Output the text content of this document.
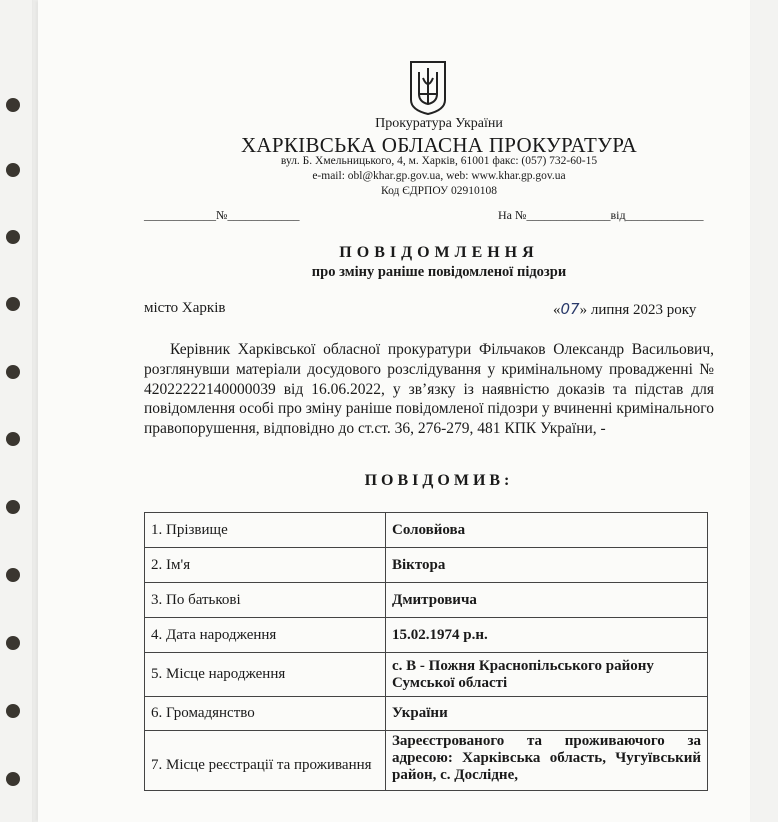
Прокуратура України
ХАРКІВСЬКА ОБЛАСНА ПРОКУРАТУРА
вул. Б. Хмельницького, 4, м. Харків, 61001 факс: (057) 732-60-15
e-mail: obl@khar.gp.gov.ua, web: www.khar.gp.gov.ua
Код ЄДРПОУ 02910108
____________№____________	На №______________від_____________
ПОВІДОМЛЕННЯ
про зміну раніше повідомленої підозри
місто Харків	«07» липня 2023 року
Керівник Харківської обласної прокуратури Фільчаков Олександр Васильович, розглянувши матеріали досудового розслідування у кримінальному провадженні № 42022222140000039 від 16.06.2022, у зв’язку із наявністю доказів та підстав для повідомлення особі про зміну раніше повідомленої підозри у вчиненні кримінального правопорушення, відповідно до ст.ст. 36, 276-279, 481 КПК України, -
ПОВІДОМИВ:
1. Прізвище	Соловйова
2. Ім'я	Віктора
3. По батькові	Дмитровича
4. Дата народження	15.02.1974 р.н.
5. Місце народження	с. В - Пожня Краснопільського району Сумської області
6. Громадянство	України
7. Місце реєстрації та проживання	Зареєстрованого та проживаючого за адресою: Харківська область, Чугуївський район, с. Дослідне,
